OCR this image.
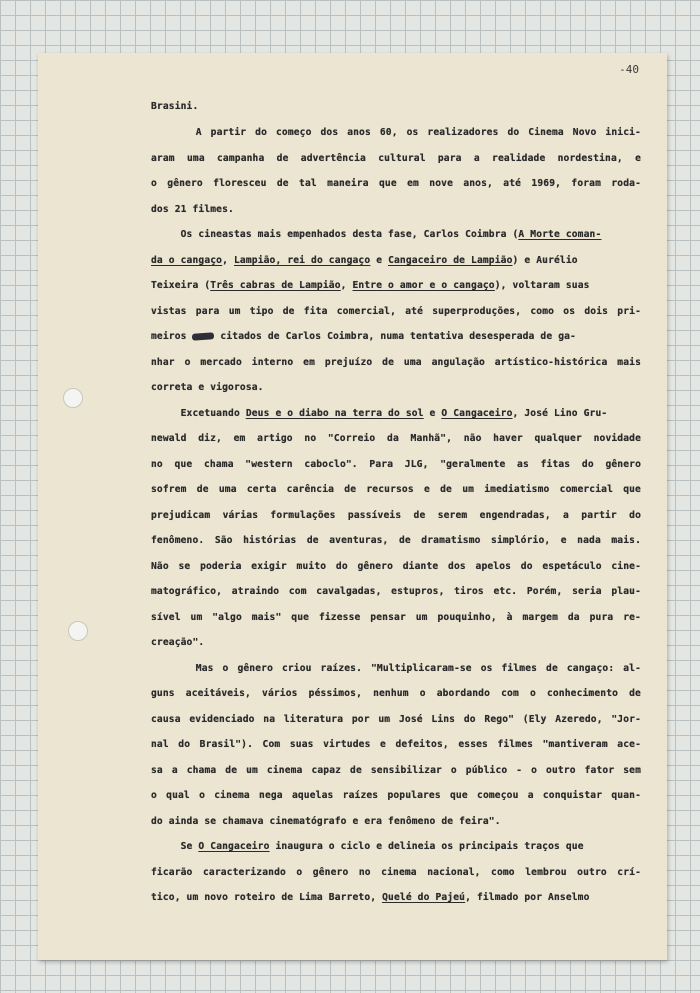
-40
Brasini.
A partir do começo dos anos 60, os realizadores do Cinema Novo inici-
aram uma campanha de advertência cultural para a realidade nordestina, e
o gênero floresceu de tal maneira que em nove anos, até 1969, foram roda-
dos 21 filmes.
Os cineastas mais empenhados desta fase, Carlos Coimbra (A Morte coman-
da o cangaço, Lampião, rei do cangaço e Cangaceiro de Lampião) e Aurélio
Teixeira (Três cabras de Lampião, Entre o amor e o cangaço), voltaram suas
vistas para um tipo de fita comercial, até superproduções, como os dois pri-
meiros  citados de Carlos Coimbra, numa tentativa desesperada de ga-
nhar o mercado interno em prejuízo de uma angulação artístico-histórica mais
correta e vigorosa.
Excetuando Deus e o diabo na terra do sol e O Cangaceiro, José Lino Gru-
newald diz, em artigo no "Correio da Manhã", não haver qualquer novidade
no que chama "western caboclo". Para JLG, "geralmente as fitas do gênero
sofrem de uma certa carência de recursos e de um imediatismo comercial que
prejudicam várias formulações passíveis de serem engendradas, a partir do
fenômeno. São histórias de aventuras, de dramatismo simplório, e nada mais.
Não se poderia exigir muito do gênero diante dos apelos do espetáculo cine-
matográfico, atraindo com cavalgadas, estupros, tiros etc. Porém, seria plau-
sível um "algo mais" que fizesse pensar um pouquinho, à margem da pura re-
creação".
Mas o gênero criou raízes. "Multiplicaram-se os filmes de cangaço: al-
guns aceitáveis, vários péssimos, nenhum o abordando com o conhecimento de
causa evidenciado na literatura por um José Lins do Rego" (Ely Azeredo, "Jor-
nal do Brasil"). Com suas virtudes e defeitos, esses filmes "mantiveram ace-
sa a chama de um cinema capaz de sensibilizar o público - o outro fator sem
o qual o cinema nega aquelas raízes populares que começou a conquistar quan-
do ainda se chamava cinematógrafo e era fenômeno de feira".
Se O Cangaceiro inaugura o ciclo e delineia os principais traços que
ficarão caracterizando o gênero no cinema nacional, como lembrou outro crí-
tico, um novo roteiro de Lima Barreto, Quelé do Pajeú, filmado por Anselmo
